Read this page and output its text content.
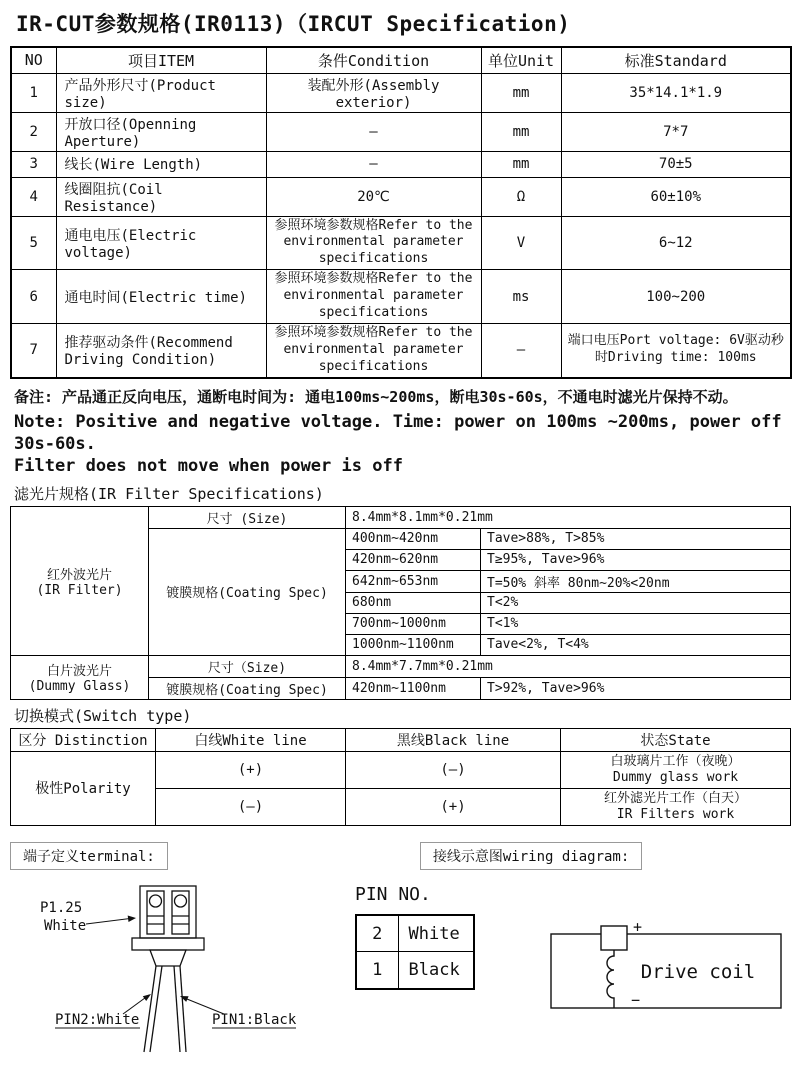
IR-CUT参数规格(IR0113)（IRCUT Specification)
NO	项目ITEM	条件Condition	单位Unit	标准Standard
1	产品外形尺寸(Product size)	装配外形(Assembly exterior)	mm	35*14.1*1.9
2	开放口径(Openning Aperture)	–	mm	7*7
3	线长(Wire Length)	–	mm	70±5
4	线圈阻抗(Coil Resistance)	20℃	Ω	60±10%
5	通电电压(Electric voltage)	参照环境参数规格Refer to the environmental parameter specifications	V	6~12
6	通电时间(Electric time)	参照环境参数规格Refer to the environmental parameter specifications	ms	100~200
7	推荐驱动条件(Recommend Driving Condition)	参照环境参数规格Refer to the environmental parameter specifications	–	端口电压Port voltage: 6V驱动秒时Driving time: 100ms
备注: 产品通正反向电压，通断电时间为: 通电100ms~200ms，断电30s-60s，不通电时滤光片保持不动。
Note: Positive and negative voltage. Time: power on 100ms ~200ms, power off 30s-60s.
Filter does not move when power is off
滤光片规格(IR Filter Specifications)
红外波光片
(IR Filter)	尺寸 (Size)	8.4mm*8.1mm*0.21mm	
	镀膜规格(Coating Spec)	400nm~420nm	Tave>88%, T>85%
		420nm~620nm	T≥95%, Tave>96%
		642nm~653nm	T=50% 斜率 80nm~20%<20nm
		680nm	T<2%
		700nm~1000nm	T<1%
		1000nm~1100nm	Tave<2%, T<4%

白片波光片
(Dummy Glass)	尺寸（Size)	8.4mm*7.7mm*0.21mm	
	镀膜规格(Coating Spec)	420nm~1100nm	T>92%, Tave>96%
切换模式(Switch type)
区分 Distinction	白线White line	黑线Black line	状态State
极性Polarity	(+)	(–)	白玻璃片工作（夜晚）
Dummy glass work

	(–)	(+)	红外滤光片工作（白天）
IR Filters work
端子定义terminal:	接线示意图wiring diagram:
P1.25
White
PIN2:White	PIN1:Black
PIN NO.
2	White
1	Black
+
−
Drive coil
